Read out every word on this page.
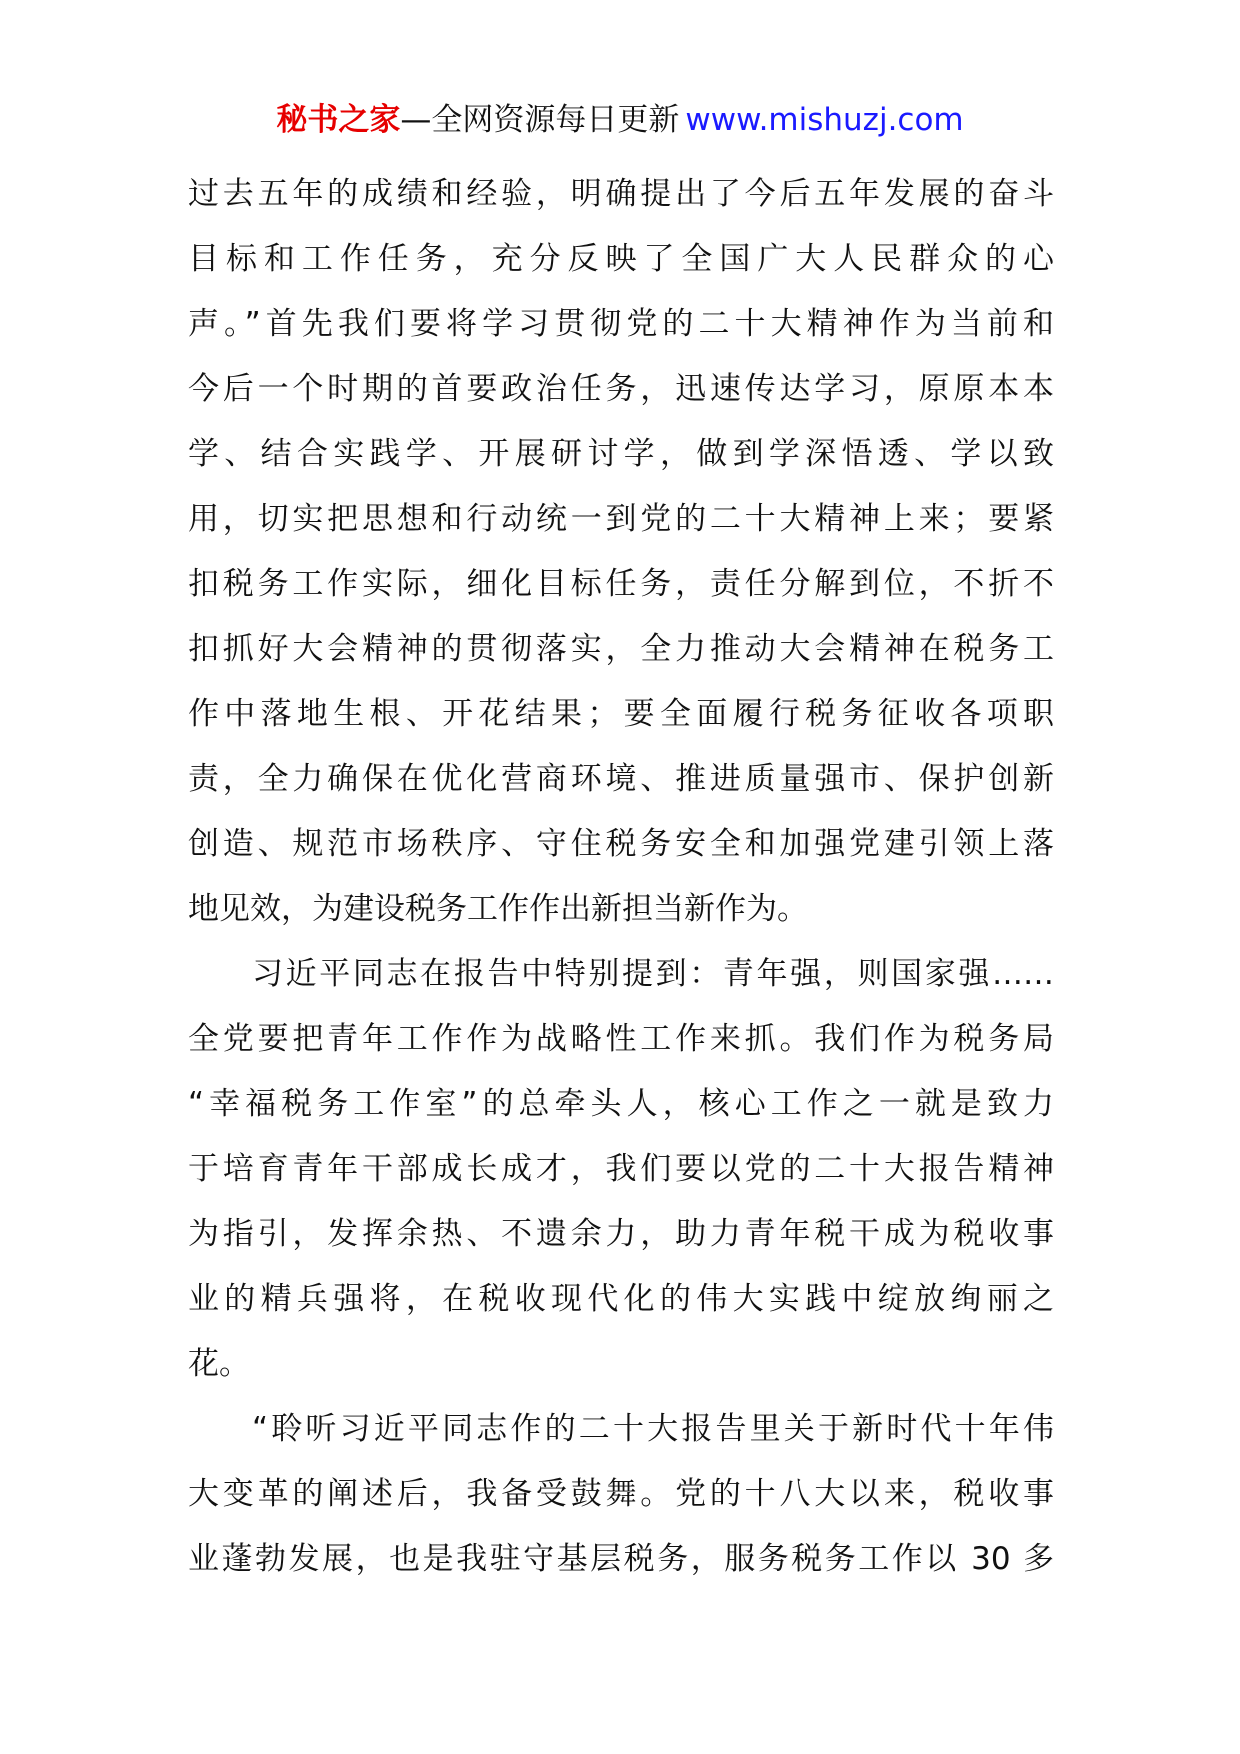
秘书之家—全网资源每日更新 www.mishuzj.com
过去五年的成绩和经验，明确提出了今后五年发展的奋斗
目标和工作任务，充分反映了全国广大人民群众的心
声。”首先我们要将学习贯彻党的二十大精神作为当前和
今后一个时期的首要政治任务，迅速传达学习，原原本本
学、结合实践学、开展研讨学，做到学深悟透、学以致
用，切实把思想和行动统一到党的二十大精神上来；要紧
扣税务工作实际，细化目标任务，责任分解到位，不折不
扣抓好大会精神的贯彻落实，全力推动大会精神在税务工
作中落地生根、开花结果；要全面履行税务征收各项职
责，全力确保在优化营商环境、推进质量强市、保护创新
创造、规范市场秩序、守住税务安全和加强党建引领上落
地见效，为建设税务工作作出新担当新作为。
习近平同志在报告中特别提到：青年强，则国家强……
全党要把青年工作作为战略性工作来抓。我们作为税务局
“幸福税务工作室”的总牵头人，核心工作之一就是致力
于培育青年干部成长成才，我们要以党的二十大报告精神
为指引，发挥余热、不遗余力，助力青年税干成为税收事
业的精兵强将，在税收现代化的伟大实践中绽放绚丽之
花。
“聆听习近平同志作的二十大报告里关于新时代十年伟
大变革的阐述后，我备受鼓舞。党的十八大以来，税收事
业蓬勃发展，也是我驻守基层税务，服务税务工作以 30 多
